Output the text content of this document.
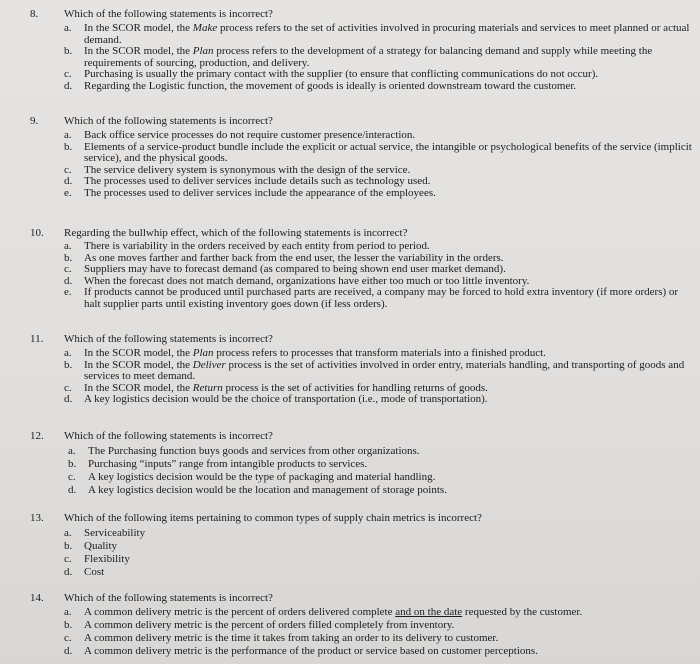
8. Which of the following statements is incorrect?
a.	In the SCOR model, the Make process refers to the set of activities involved in procuring materials and services to meet planned or actual demand.
b.	In the SCOR model, the Plan process refers to the development of a strategy for balancing demand and supply while meeting the requirements of sourcing, production, and delivery.
c.	Purchasing is usually the primary contact with the supplier (to ensure that conflicting communications do not occur).
d.	Regarding the Logistic function, the movement of goods is ideally is oriented downstream toward the customer.
9. Which of the following statements is incorrect?
a.	Back office service processes do not require customer presence/interaction.
b.	Elements of a service-product bundle include the explicit or actual service, the intangible or psychological benefits of the service (implicit service), and the physical goods.
c.	The service delivery system is synonymous with the design of the service.
d.	The processes used to deliver services include details such as technology used.
e.	The processes used to deliver services include the appearance of the employees.
10. Regarding the bullwhip effect, which of the following statements is incorrect?
a.	There is variability in the orders received by each entity from period to period.
b.	As one moves farther and farther back from the end user, the lesser the variability in the orders.
c.	Suppliers may have to forecast demand (as compared to being shown end user market demand).
d.	When the forecast does not match demand, organizations have either too much or too little inventory.
e.	If products cannot be produced until purchased parts are received, a company may be forced to hold extra inventory (if more orders) or halt supplier parts until existing inventory goes down (if less orders).
11. Which of the following statements is incorrect?
a.	In the SCOR model, the Plan process refers to processes that transform materials into a finished product.
b.	In the SCOR model, the Deliver process is the set of activities involved in order entry, materials handling, and transporting of goods and services to meet demand.
c.	In the SCOR model, the Return process is the set of activities for handling returns of goods.
d.	A key logistics decision would be the choice of transportation (i.e., mode of transportation).
12. Which of the following statements is incorrect?
a.	The Purchasing function buys goods and services from other organizations.
b.	Purchasing “inputs” range from intangible products to services.
c.	A key logistics decision would be the type of packaging and material handling.
d.	A key logistics decision would be the location and management of storage points.
13. Which of the following items pertaining to common types of supply chain metrics is incorrect?
a.	Serviceability
b.	Quality
c.	Flexibility
d.	Cost
14. Which of the following statements is incorrect?
a.	A common delivery metric is the percent of orders delivered complete and on the date requested by the customer.
b.	A common delivery metric is the percent of orders filled completely from inventory.
c.	A common delivery metric is the time it takes from taking an order to its delivery to customer.
d.	A common delivery metric is the performance of the product or service based on customer perceptions.
